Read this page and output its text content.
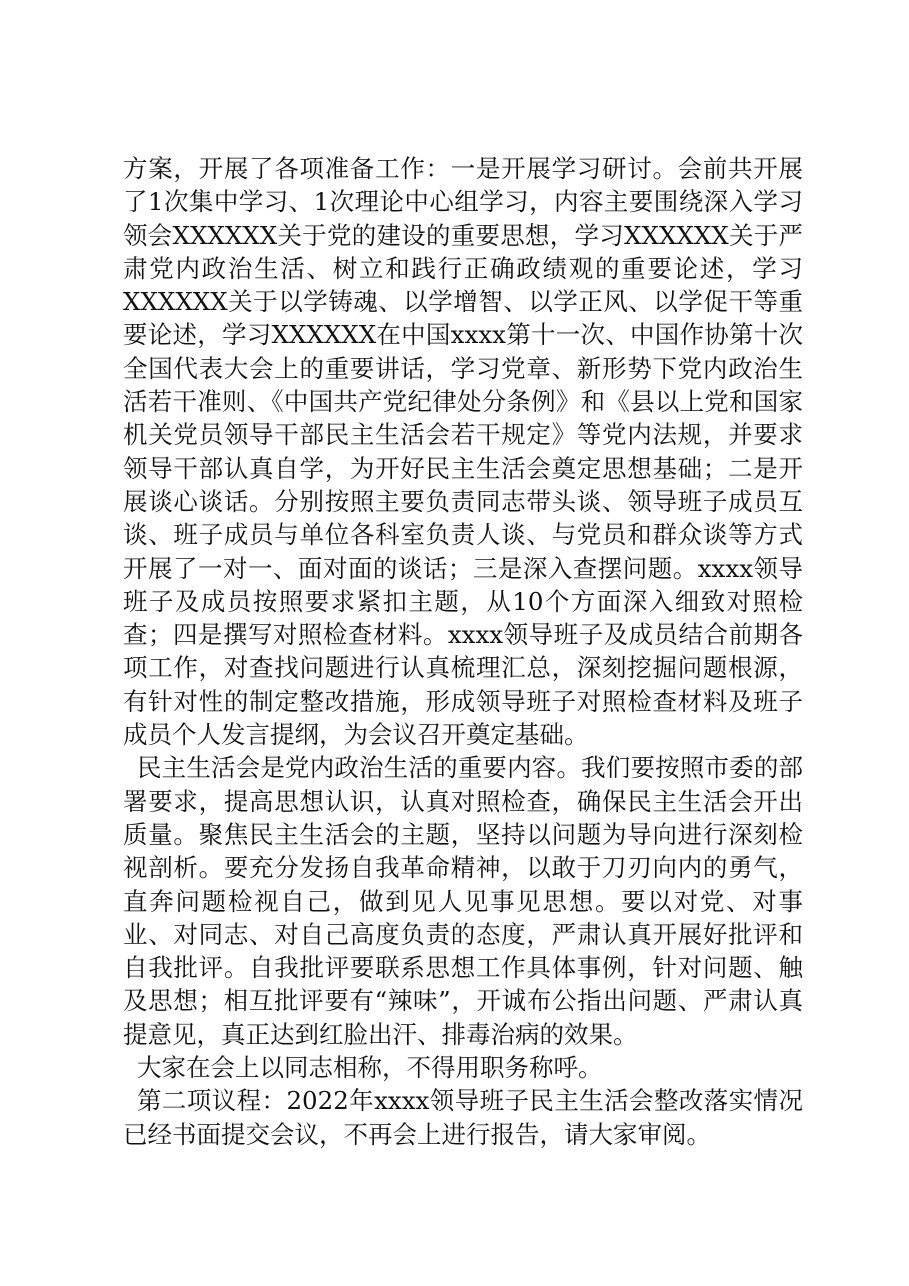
方案，开展了各项准备工作：一是开展学习研讨。会前共开展了1次集中学习、1次理论中心组学习，内容主要围绕深入学习领会XXXXXX关于党的建设的重要思想，学习XXXXXX关于严肃党内政治生活、树立和践行正确政绩观的重要论述，学习XXXXXX关于以学铸魂、以学增智、以学正风、以学促干等重要论述，学习XXXXXX在中国xxxx第十一次、中国作协第十次全国代表大会上的重要讲话，学习党章、新形势下党内政治生活若干准则、《中国共产党纪律处分条例》和《县以上党和国家机关党员领导干部民主生活会若干规定》等党内法规，并要求领导干部认真自学，为开好民主生活会奠定思想基础；二是开展谈心谈话。分别按照主要负责同志带头谈、领导班子成员互谈、班子成员与单位各科室负责人谈、与党员和群众谈等方式开展了一对一、面对面的谈话；三是深入查摆问题。xxxx领导班子及成员按照要求紧扣主题，从10个方面深入细致对照检查；四是撰写对照检查材料。xxxx领导班子及成员结合前期各项工作，对查找问题进行认真梳理汇总，深刻挖掘问题根源，有针对性的制定整改措施，形成领导班子对照检查材料及班子成员个人发言提纲，为会议召开奠定基础。

民主生活会是党内政治生活的重要内容。我们要按照市委的部署要求，提高思想认识，认真对照检查，确保民主生活会开出质量。聚焦民主生活会的主题，坚持以问题为导向进行深刻检视剖析。要充分发扬自我革命精神，以敢于刀刃向内的勇气，直奔问题检视自己，做到见人见事见思想。要以对党、对事业、对同志、对自己高度负责的态度，严肃认真开展好批评和自我批评。自我批评要联系思想工作具体事例，针对问题、触及思想；相互批评要有“辣味”，开诚布公指出问题、严肃认真提意见，真正达到红脸出汗、排毒治病的效果。

大家在会上以同志相称，不得用职务称呼。

第二项议程：2022年xxxx领导班子民主生活会整改落实情况已经书面提交会议，不再会上进行报告，请大家审阅。
